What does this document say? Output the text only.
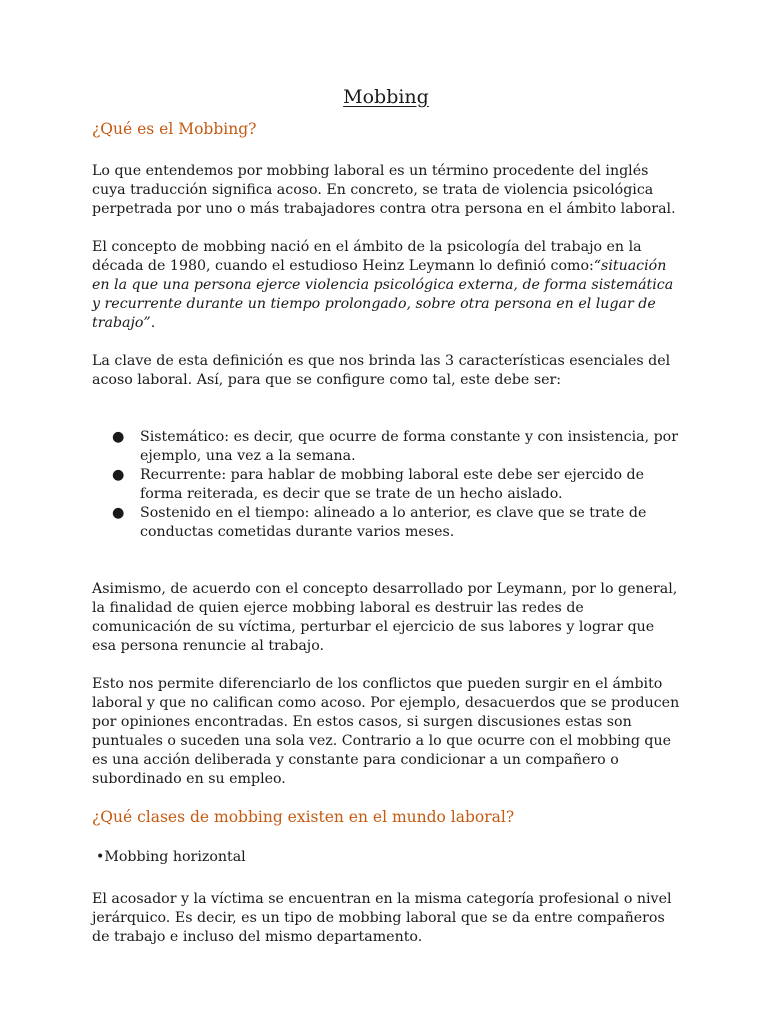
Mobbing
¿Qué es el Mobbing?

Lo que entendemos por mobbing laboral es un término procedente del inglés cuya traducción significa acoso. En concreto, se trata de violencia psicológica perpetrada por uno o más trabajadores contra otra persona en el ámbito laboral.

El concepto de mobbing nació en el ámbito de la psicología del trabajo en la década de 1980, cuando el estudioso Heinz Leymann lo definió como:“situación en la que una persona ejerce violencia psicológica externa, de forma sistemática y recurrente durante un tiempo prolongado, sobre otra persona en el lugar de trabajo”.

La clave de esta definición es que nos brinda las 3 características esenciales del acoso laboral. Así, para que se configure como tal, este debe ser:

● Sistemático: es decir, que ocurre de forma constante y con insistencia, por ejemplo, una vez a la semana.
● Recurrente: para hablar de mobbing laboral este debe ser ejercido de forma reiterada, es decir que se trate de un hecho aislado.
● Sostenido en el tiempo: alineado a lo anterior, es clave que se trate de conductas cometidas durante varios meses.

Asimismo, de acuerdo con el concepto desarrollado por Leymann, por lo general, la finalidad de quien ejerce mobbing laboral es destruir las redes de comunicación de su víctima, perturbar el ejercicio de sus labores y lograr que esa persona renuncie al trabajo.

Esto nos permite diferenciarlo de los conflictos que pueden surgir en el ámbito laboral y que no califican como acoso. Por ejemplo, desacuerdos que se producen por opiniones encontradas. En estos casos, si surgen discusiones estas son puntuales o suceden una sola vez. Contrario a lo que ocurre con el mobbing que es una acción deliberada y constante para condicionar a un compañero o subordinado en su empleo.

¿Qué clases de mobbing existen en el mundo laboral?
•Mobbing horizontal

El acosador y la víctima se encuentran en la misma categoría profesional o nivel jerárquico. Es decir, es un tipo de mobbing laboral que se da entre compañeros de trabajo e incluso del mismo departamento.
